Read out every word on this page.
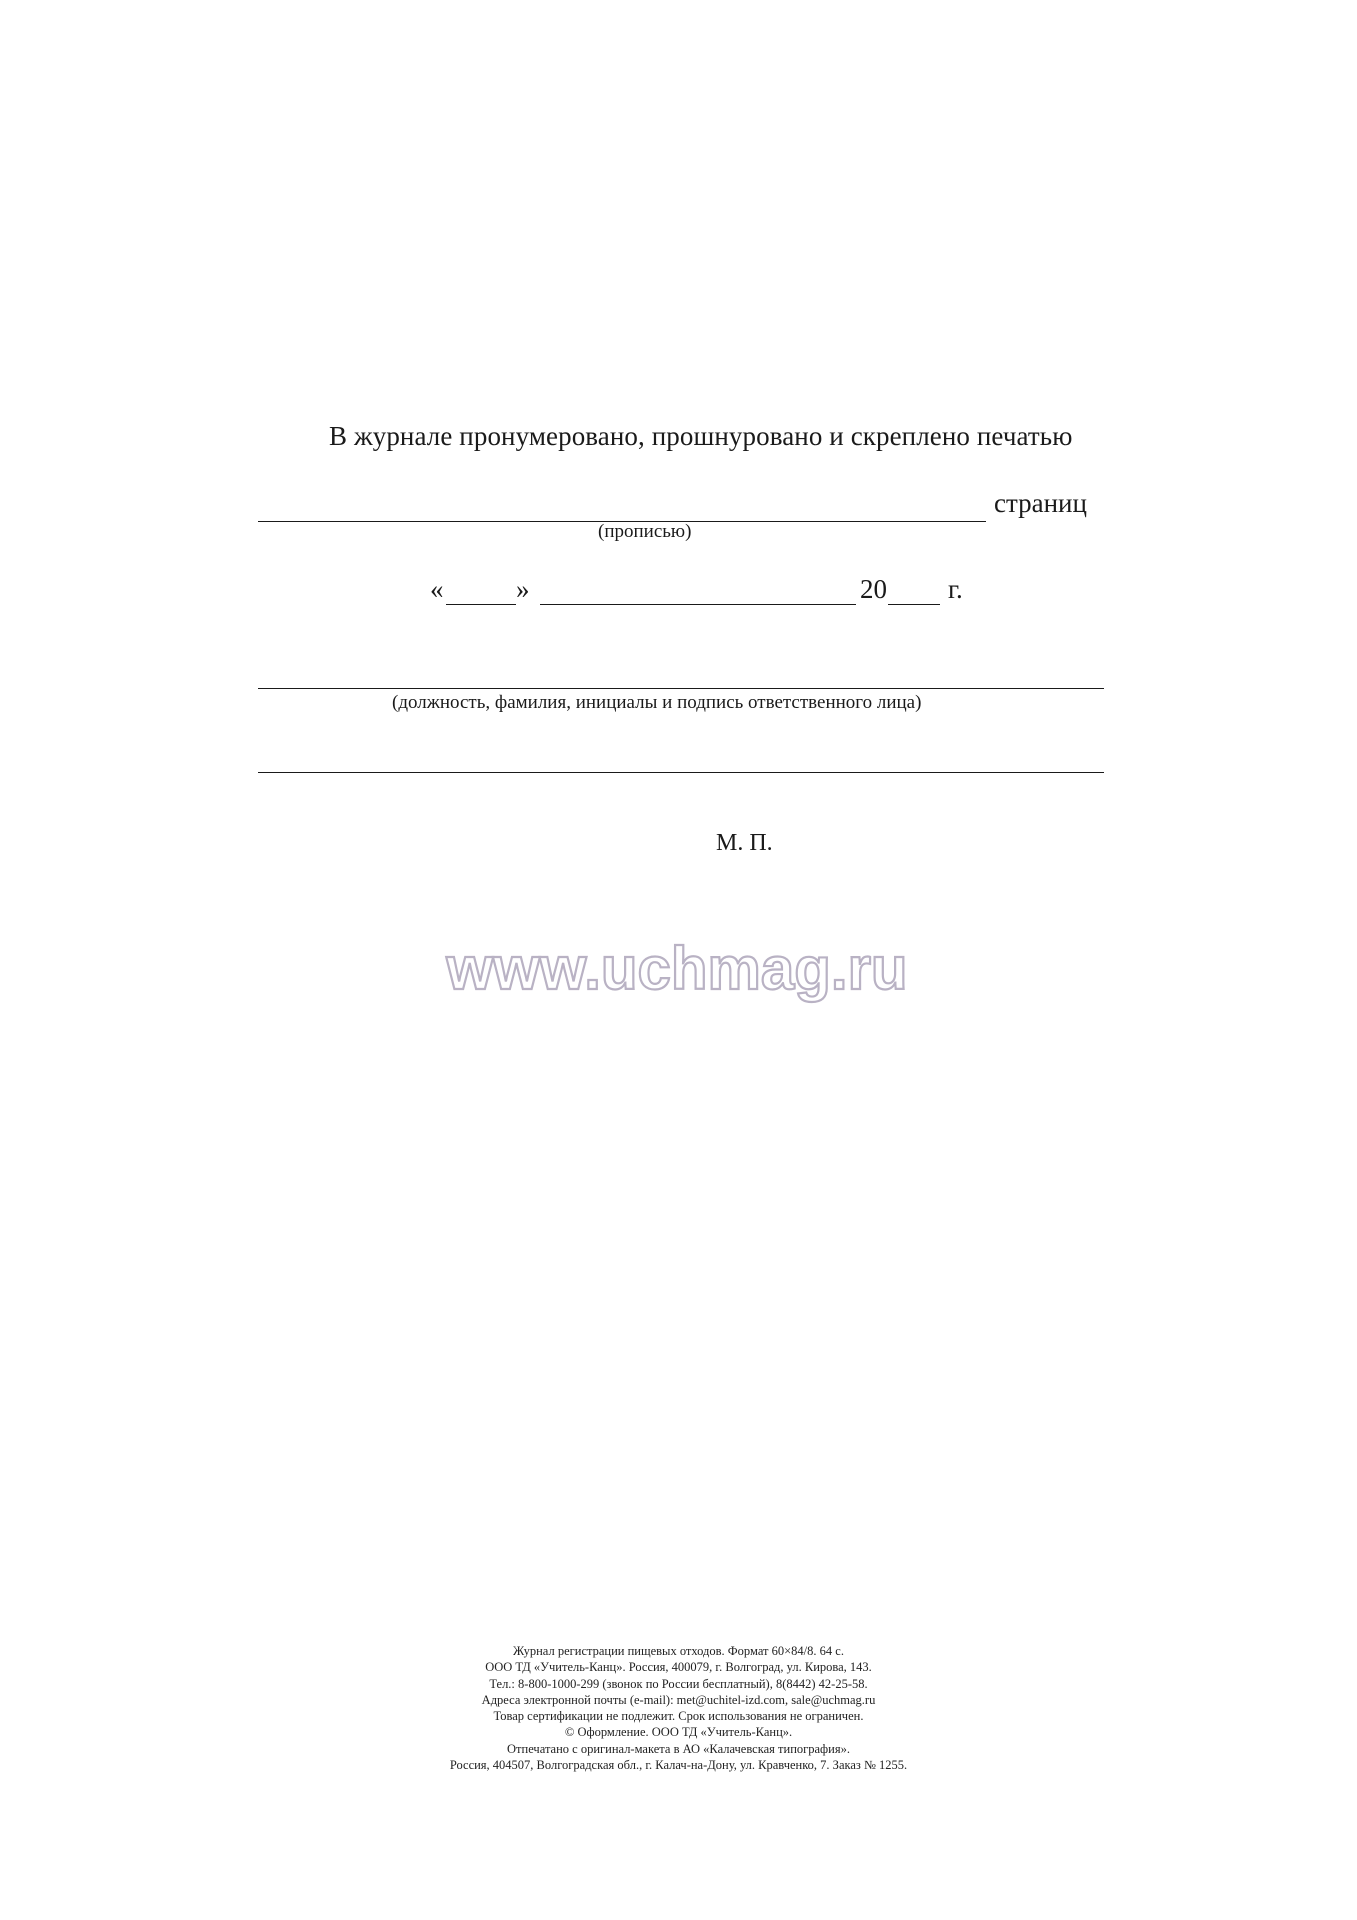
В журнале пронумеровано, прошнуровано и скреплено печатью
страниц
(прописью)
«	»	20 г.
(должность, фамилия, инициалы и подпись ответственного лица)
М. П.
www.uchmag.ru
Журнал регистрации пищевых отходов. Формат 60×84/8. 64 с.
ООО ТД «Учитель-Канц». Россия, 400079, г. Волгоград, ул. Кирова, 143.
Тел.: 8-800-1000-299 (звонок по России бесплатный), 8(8442) 42-25-58.
Адреса электронной почты (e-mail): met@uchitel-izd.com, sale@uchmag.ru
Товар сертификации не подлежит. Срок использования не ограничен.
© Оформление. ООО ТД «Учитель-Канц».
Отпечатано с оригинал-макета в АО «Калачевская типография».
Россия, 404507, Волгоградская обл., г. Калач-на-Дону, ул. Кравченко, 7. Заказ № 1255.
